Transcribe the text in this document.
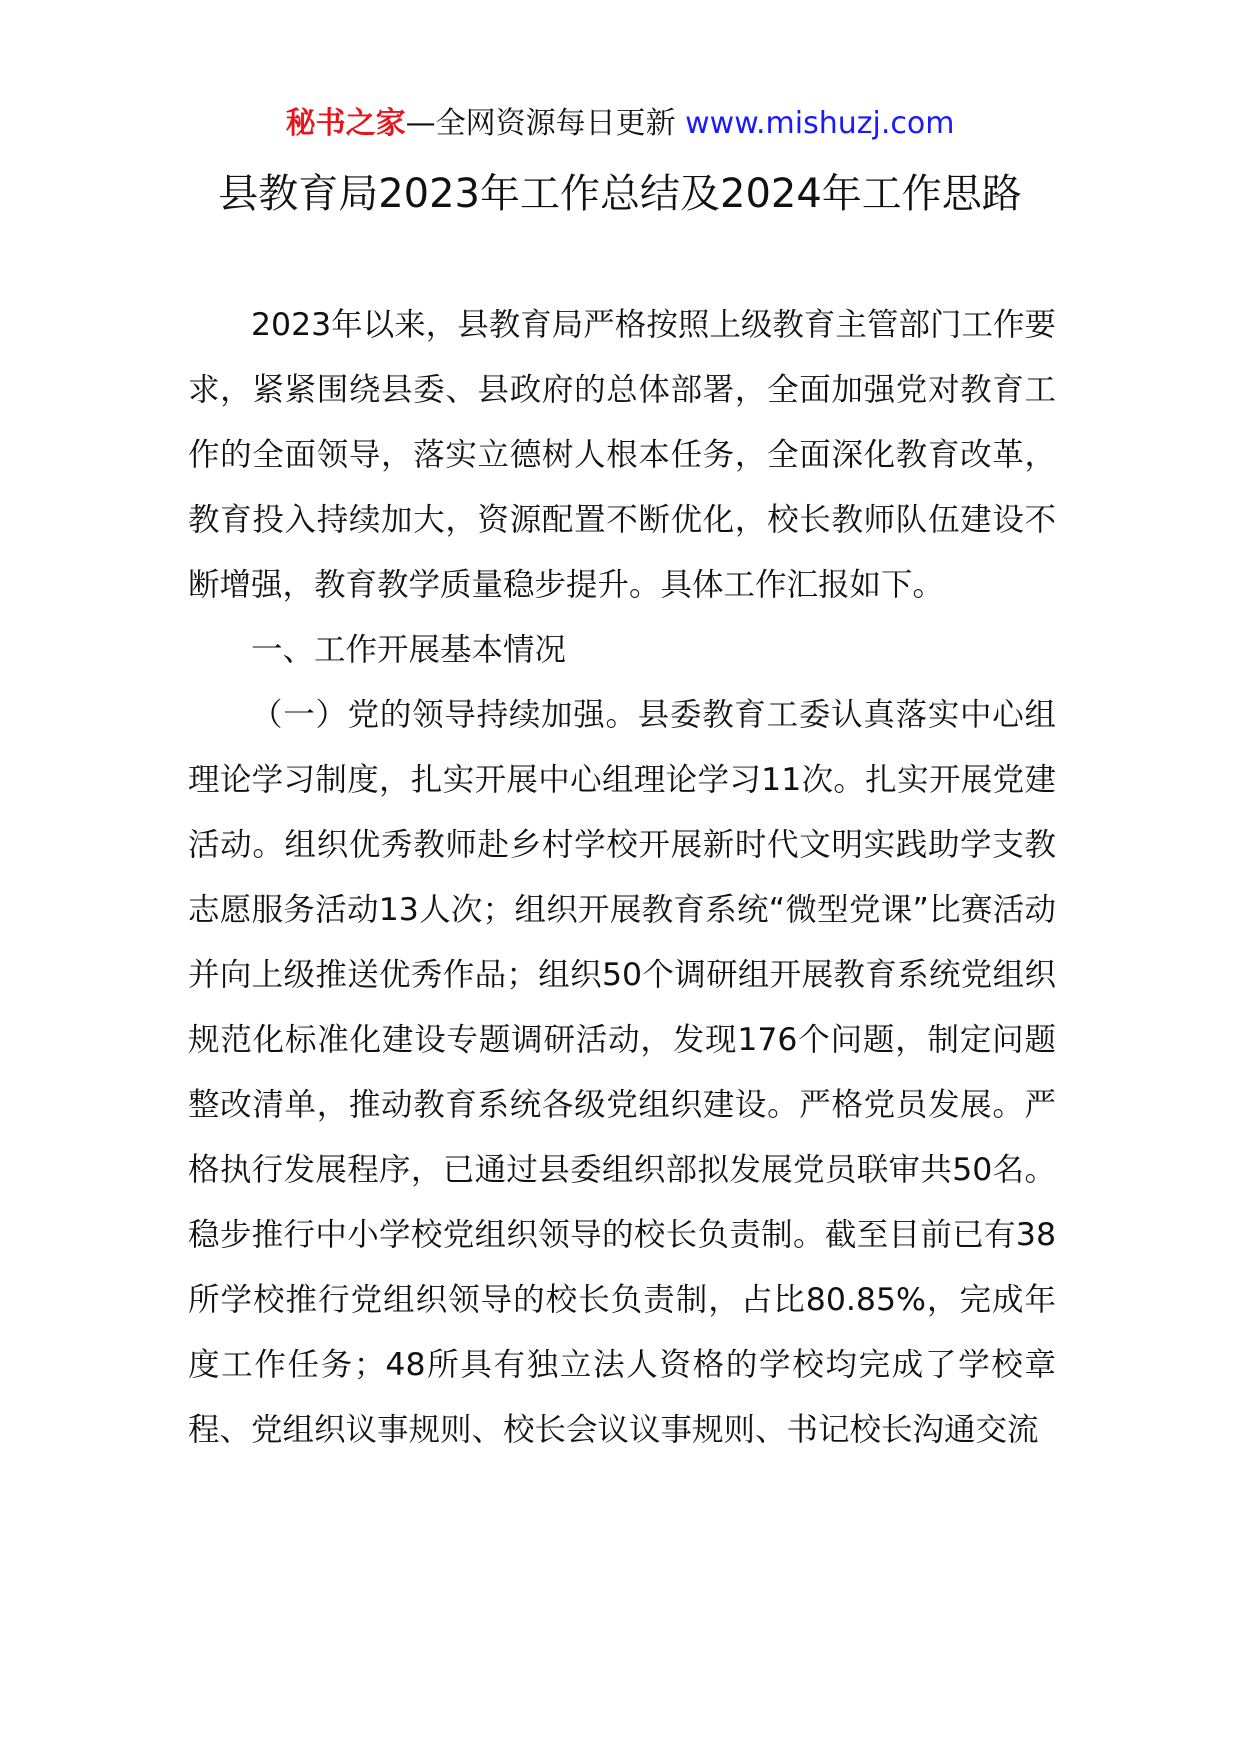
秘书之家—全网资源每日更新 www.mishuzj.com
县教育局2023年工作总结及2024年工作思路

2023年以来，县教育局严格按照上级教育主管部门工作要求，紧紧围绕县委、县政府的总体部署，全面加强党对教育工作的全面领导，落实立德树人根本任务，全面深化教育改革，教育投入持续加大，资源配置不断优化，校长教师队伍建设不断增强，教育教学质量稳步提升。具体工作汇报如下。

一、工作开展基本情况

（一）党的领导持续加强。县委教育工委认真落实中心组理论学习制度，扎实开展中心组理论学习11次。扎实开展党建活动。组织优秀教师赴乡村学校开展新时代文明实践助学支教志愿服务活动13人次；组织开展教育系统“微型党课”比赛活动并向上级推送优秀作品；组织50个调研组开展教育系统党组织规范化标准化建设专题调研活动，发现176个问题，制定问题整改清单，推动教育系统各级党组织建设。严格党员发展。严格执行发展程序，已通过县委组织部拟发展党员联审共50名。稳步推行中小学校党组织领导的校长负责制。截至目前已有38所学校推行党组织领导的校长负责制，占比80.85%，完成年度工作任务；48所具有独立法人资格的学校均完成了学校章程、党组织议事规则、校长会议议事规则、书记校长沟通交流
